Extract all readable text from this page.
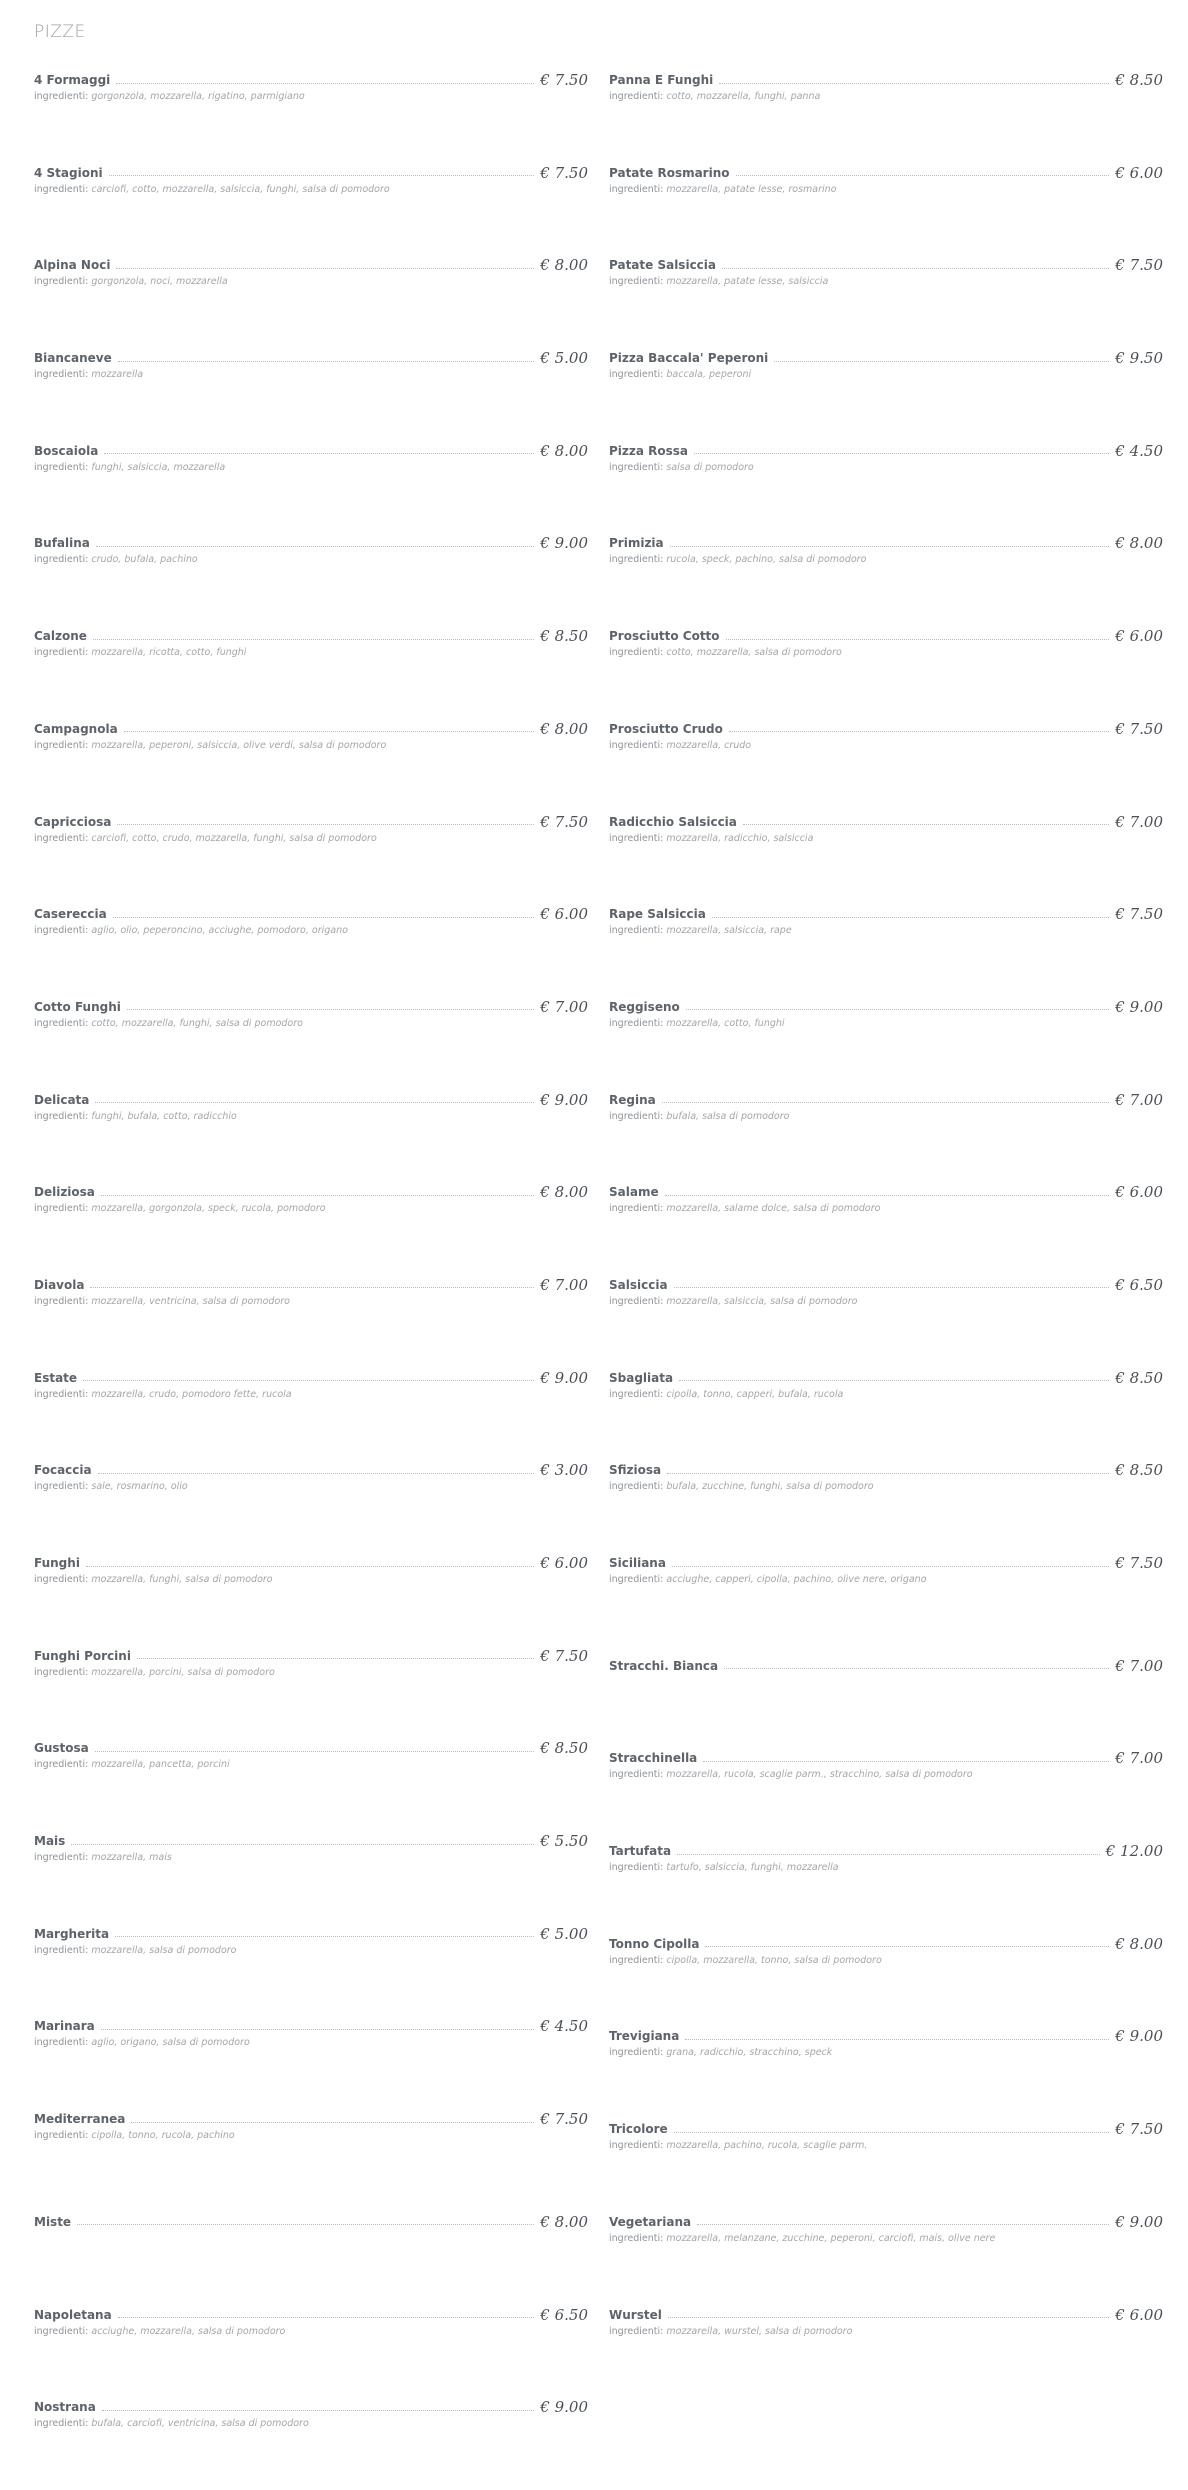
PIZZE
4 Formaggi	€ 7.50
ingredienti: gorgonzola, mozzarella, rigatino, parmigiano
4 Stagioni	€ 7.50
ingredienti: carciofi, cotto, mozzarella, salsiccia, funghi, salsa di pomodoro
Alpina Noci	€ 8.00
ingredienti: gorgonzola, noci, mozzarella
Biancaneve	€ 5.00
ingredienti: mozzarella
Boscaiola	€ 8.00
ingredienti: funghi, salsiccia, mozzarella
Bufalina	€ 9.00
ingredienti: crudo, bufala, pachino
Calzone	€ 8.50
ingredienti: mozzarella, ricotta, cotto, funghi
Campagnola	€ 8.00
ingredienti: mozzarella, peperoni, salsiccia, olive verdi, salsa di pomodoro
Capricciosa	€ 7.50
ingredienti: carciofi, cotto, crudo, mozzarella, funghi, salsa di pomodoro
Casereccia	€ 6.00
ingredienti: aglio, olio, peperoncino, acciughe, pomodoro, origano
Cotto Funghi	€ 7.00
ingredienti: cotto, mozzarella, funghi, salsa di pomodoro
Delicata	€ 9.00
ingredienti: funghi, bufala, cotto, radicchio
Deliziosa	€ 8.00
ingredienti: mozzarella, gorgonzola, speck, rucola, pomodoro
Diavola	€ 7.00
ingredienti: mozzarella, ventricina, salsa di pomodoro
Estate	€ 9.00
ingredienti: mozzarella, crudo, pomodoro fette, rucola
Focaccia	€ 3.00
ingredienti: sale, rosmarino, olio
Funghi	€ 6.00
ingredienti: mozzarella, funghi, salsa di pomodoro
Funghi Porcini	€ 7.50
ingredienti: mozzarella, porcini, salsa di pomodoro
Gustosa	€ 8.50
ingredienti: mozzarella, pancetta, porcini
Mais	€ 5.50
ingredienti: mozzarella, mais
Margherita	€ 5.00
ingredienti: mozzarella, salsa di pomodoro
Marinara	€ 4.50
ingredienti: aglio, origano, salsa di pomodoro
Mediterranea	€ 7.50
ingredienti: cipolla, tonno, rucola, pachino
Miste	€ 8.00
Napoletana	€ 6.50
ingredienti: acciughe, mozzarella, salsa di pomodoro
Nostrana	€ 9.00
ingredienti: bufala, carciofi, ventricina, salsa di pomodoro
Panna E Funghi	€ 8.50
ingredienti: cotto, mozzarella, funghi, panna
Patate Rosmarino	€ 6.00
ingredienti: mozzarella, patate lesse, rosmarino
Patate Salsiccia	€ 7.50
ingredienti: mozzarella, patate lesse, salsiccia
Pizza Baccala' Peperoni	€ 9.50
ingredienti: baccala, peperoni
Pizza Rossa	€ 4.50
ingredienti: salsa di pomodoro
Primizia	€ 8.00
ingredienti: rucola, speck, pachino, salsa di pomodoro
Prosciutto Cotto	€ 6.00
ingredienti: cotto, mozzarella, salsa di pomodoro
Prosciutto Crudo	€ 7.50
ingredienti: mozzarella, crudo
Radicchio Salsiccia	€ 7.00
ingredienti: mozzarella, radicchio, salsiccia
Rape Salsiccia	€ 7.50
ingredienti: mozzarella, salsiccia, rape
Reggiseno	€ 9.00
ingredienti: mozzarella, cotto, funghi
Regina	€ 7.00
ingredienti: bufala, salsa di pomodoro
Salame	€ 6.00
ingredienti: mozzarella, salame dolce, salsa di pomodoro
Salsiccia	€ 6.50
ingredienti: mozzarella, salsiccia, salsa di pomodoro
Sbagliata	€ 8.50
ingredienti: cipolla, tonno, capperi, bufala, rucola
Sfiziosa	€ 8.50
ingredienti: bufala, zucchine, funghi, salsa di pomodoro
Siciliana	€ 7.50
ingredienti: acciughe, capperi, cipolla, pachino, olive nere, origano
Stracchi. Bianca	€ 7.00
Stracchinella	€ 7.00
ingredienti: mozzarella, rucola, scaglie parm., stracchino, salsa di pomodoro
Tartufata	€ 12.00
ingredienti: tartufo, salsiccia, funghi, mozzarella
Tonno Cipolla	€ 8.00
ingredienti: cipolla, mozzarella, tonno, salsa di pomodoro
Trevigiana	€ 9.00
ingredienti: grana, radicchio, stracchino, speck
Tricolore	€ 7.50
ingredienti: mozzarella, pachino, rucola, scaglie parm.
Vegetariana	€ 9.00
ingredienti: mozzarella, melanzane, zucchine, peperoni, carciofi, mais, olive nere
Wurstel	€ 6.00
ingredienti: mozzarella, wurstel, salsa di pomodoro
